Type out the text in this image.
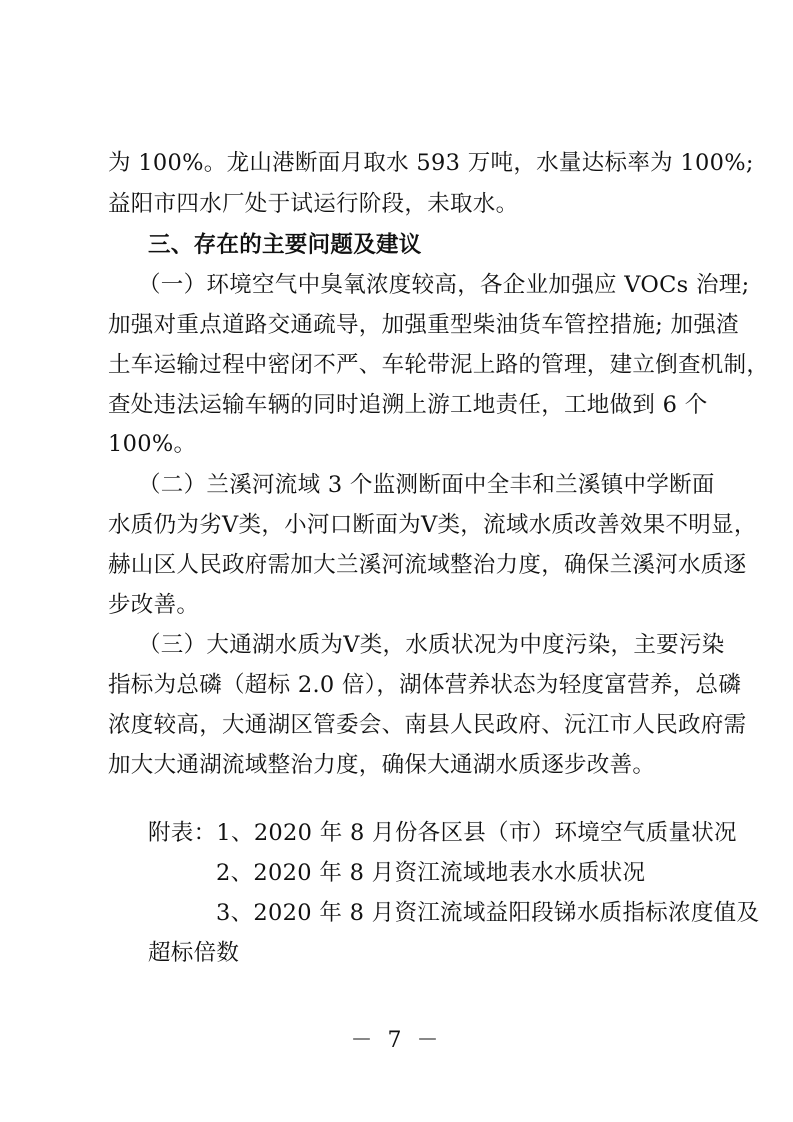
为 100%。龙山港断面月取水 593 万吨，水量达标率为 100%;
益阳市四水厂处于试运行阶段，未取水。
三、存在的主要问题及建议
（一）环境空气中臭氧浓度较高，各企业加强应 VOCs 治理;
加强对重点道路交通疏导，加强重型柴油货车管控措施; 加强渣
土车运输过程中密闭不严、车轮带泥上路的管理，建立倒查机制，
查处违法运输车辆的同时追溯上游工地责任，工地做到 6 个
100%。
（二）兰溪河流域 3 个监测断面中全丰和兰溪镇中学断面
水质仍为劣Ⅴ类，小河口断面为Ⅴ类，流域水质改善效果不明显，
赫山区人民政府需加大兰溪河流域整治力度，确保兰溪河水质逐
步改善。
（三）大通湖水质为Ⅴ类，水质状况为中度污染，主要污染
指标为总磷（超标 2.0 倍），湖体营养状态为轻度富营养，总磷
浓度较高，大通湖区管委会、南县人民政府、沅江市人民政府需
加大大通湖流域整治力度，确保大通湖水质逐步改善。
附表：1、2020 年 8 月份各区县（市）环境空气质量状况
2、2020 年 8 月资江流域地表水水质状况
3、2020 年 8 月资江流域益阳段锑水质指标浓度值及
超标倍数
－ 7 －
